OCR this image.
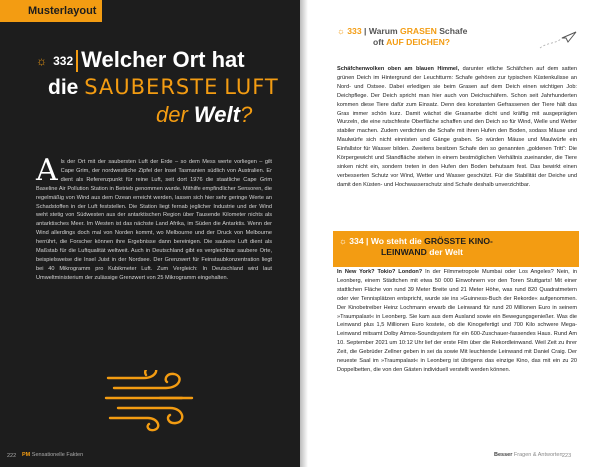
Musterlayout
☼ 332 Welcher Ort hat
die SAUBERSTE LUFT
der Welt?
A ls der Ort mit der saubersten Luft der Erde – so dem Mess werte vorliegen – gilt Cape Grim, der nordwestliche Zipfel der Insel Tasmanien südlich von Australien. Er dient als Referenzpunkt für reine Luft, seit dort 1976 die staatliche Cape Grim Baseline Air Pollution Station in Betrieb genommen wurde. Mithilfe empfindlicher Sensoren, die regelmäßig von Wind aus dem Ozean erreicht werden, lassen sich hier sehr geringe Werte an Schadstoffen in der Luft feststellen. Die Station liegt fernab jeglicher Industrie und der Wind weht stetig von Südwesten aus der antarktischen Region über Tausende Kilometer nichts als antarktisches Meer. Im Westen ist das nächste Land Afrika, im Süden die Antarktis. Wenn der Wind allerdings doch mal von Norden kommt, wo Melbourne und der Druck von Melbourne herrührt, die Forscher können ihre Ergebnisse dann bereinigen. Die saubere Luft dient als Maßstab für die Luftqualität weltweit. Auch in Deutschland gibt es vergleichbar saubere Orte, beispielsweise die Insel Juist in der Nordsee. Der Grenzwert für Feinstaubkonzentration liegt bei 40 Mikrogramm pro Kubikmeter Luft. Zum Vergleich: In Deutschland wird laut Umweltministerium der zulässige Grenzwert von 25 Mikrogramm eingehalten.
222 PM Sensationelle Fakten
☼ 333 | Warum GRASEN Schafe
oft AUF DEICHEN?
Schäfchenwolken oben am blauen Himmel, darunter etliche Schäfchen auf dem satten grünen Deich im Hintergrund der Leuchtturm: Schafe gehören zur typischen Küstenkulisse an Nord- und Ostsee. Dabei erledigen sie beim Grasen auf dem Deich einen wichtigen Job: Deichpflege. Der Deich spricht man hier auch von Deichschäfern. Schon seit Jahrhunderten kommen diese Tiere dafür zum Einsatz. Denn des konstanten Gefrassenen der Tiere hält das Gras immer schön kurz. Damit wächst die Grasnarbe dicht und kräftig mit ausgeprägten Wurzeln, die eine rutschfeste Oberfläche schaffen und den Deich so für Wind, Welle und Wetter stabiler machen. Zudem verdichten die Schafe mit ihren Hufen den Boden, sodass Mäuse und Maulwürfe sich nicht einnisten und Gänge graben. So würden Mäuse und Maulwürfe ein Einfallstor für Wasser bilden. Zweitens besitzen Schafe den so genannten „goldenen Tritt“: Die Körpergewicht und Standfläche stehen in einem bestmöglichen Verhältnis zueinander, die Tiere sinken nicht ein, sondern treten in den Hufen den Boden behutsam fest. Das bewirkt einen verbesserten Schutz vor Wind, Wetter und Wasser geschützt. Für die Stabilität der Deiche und damit den Küsten- und Hochwasserschutz sind Schafe deshalb unverzichtbar.
☼ 334 | Wo steht die GRÖSSTE KINO-
LEINWAND der Welt
In New York? Tokio? London? In der Filmmetropole Mumbai oder Los Angeles? Nein, in Leonberg, einem Städtchen mit etwa 50 000 Einwohnern vor den Toren Stuttgarts! Mit einer stattlichen Fläche von rund 39 Meter Breite und 21 Meter Höhe, was rund 820 Quadratmetern oder vier Tennisplätzen entspricht, wurde sie ins »Guinness-Buch der Rekorde« aufgenommen. Der Kinobetreiber Heinz Lochmann erwarb die Leinwand für rund 20 Millionen Euro in seinem »Traumpalast« in Leonberg. Sie kam aus dem Ausland sowie ein Bewegungsgenießer. Was die Leinwand plus 1,5 Millionen Euro kostete, ob die Kinogefertigt und 700 Kilo schwere Mega-Leinwand mitsamt Dolby Atmos-Soundsystem für ein 600-Zuschauer-fassendes Haus. Rund Am 10. September 2021 um 10:12 Uhr lief der erste Film über die Rekordleinwand. Weil Zeit zu ihrer Zeit, die Gebrüder Zellner geben in sei da sowie Mit leuchtende Leinwand mit Daniel Craig. Der neueste Saal im »Traumpalast« in Leonberg ist übrigens das einzige Kino, das mit ein zu 20 Doppelbetten, die von den Gästen individuell verstellt werden können.
Besser Fragen & Antworten 223
